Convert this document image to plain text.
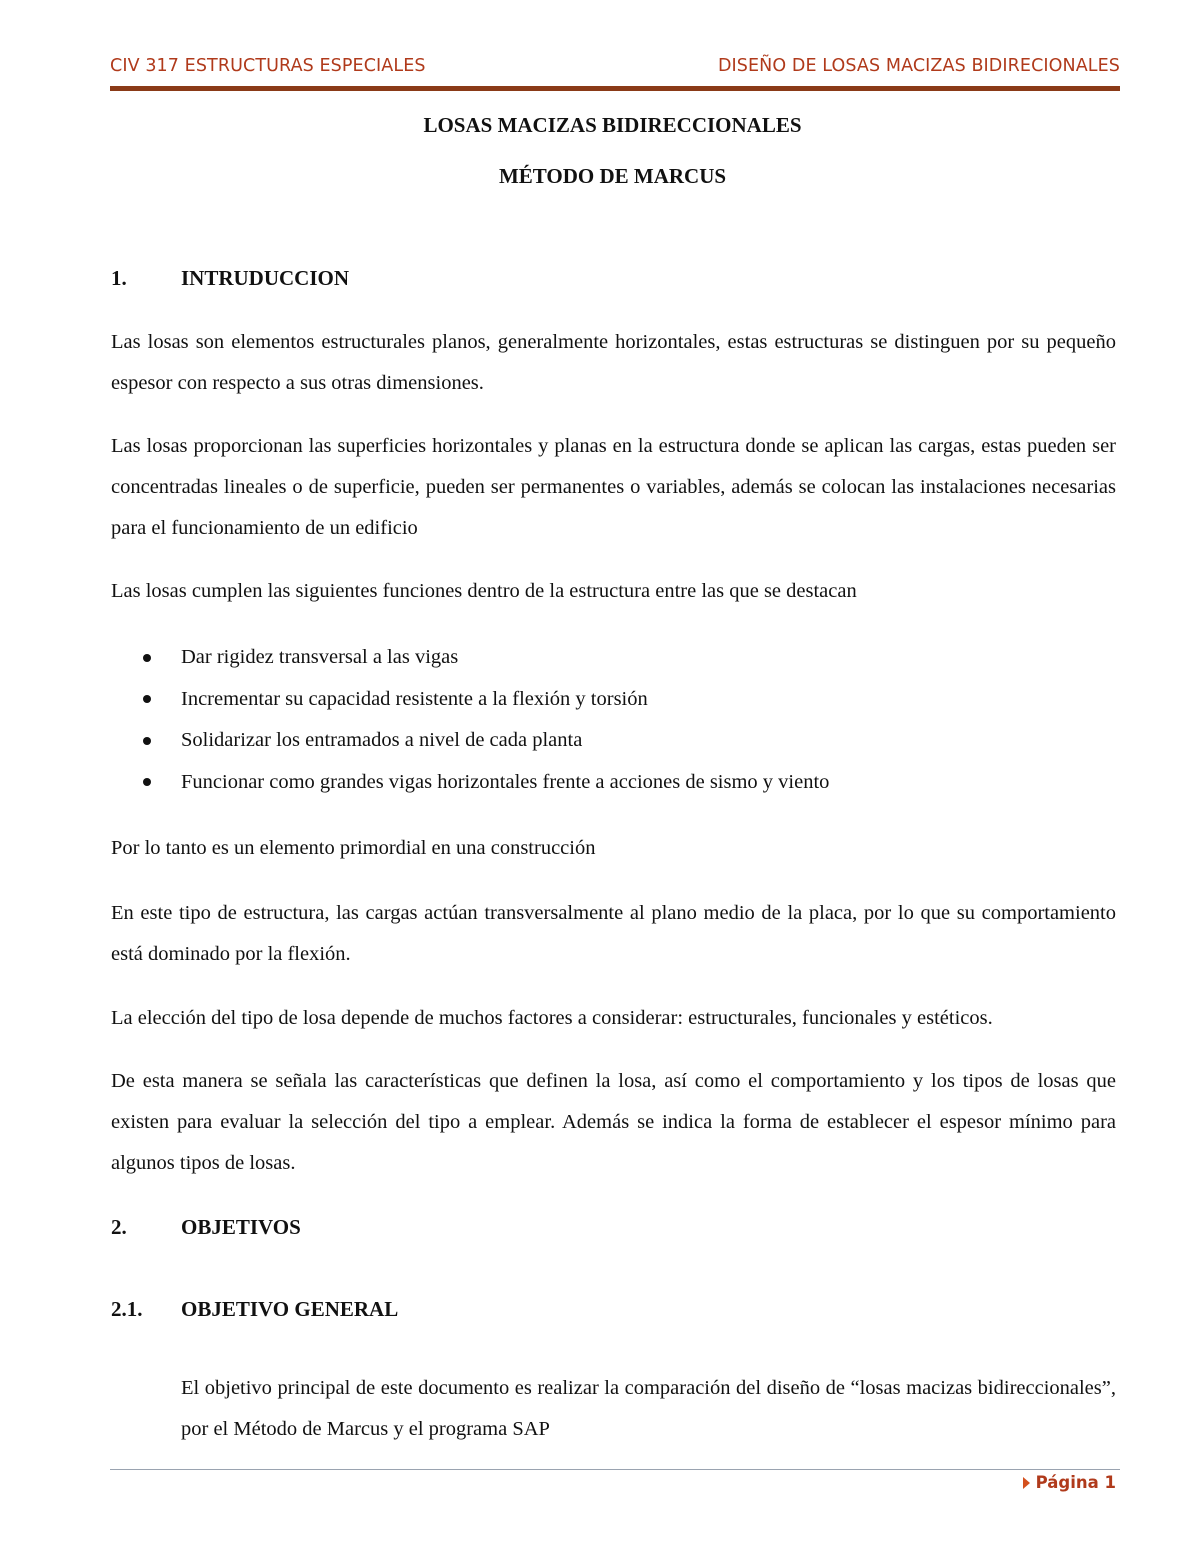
CIV 317 ESTRUCTURAS ESPECIALES	DISEÑO DE LOSAS MACIZAS BIDIRECIONALES
LOSAS MACIZAS BIDIRECCIONALES
MÉTODO DE MARCUS
1.	INTRUDUCCION
Las losas son elementos estructurales planos, generalmente horizontales, estas estructuras se distinguen por su pequeño espesor con respecto a sus otras dimensiones.
Las losas proporcionan las superficies horizontales y planas en la estructura donde se aplican las cargas, estas pueden ser concentradas lineales o de superficie, pueden ser permanentes o variables, además se colocan las instalaciones necesarias para el funcionamiento de un edificio
Las losas cumplen las siguientes funciones dentro de la estructura entre las que se destacan
Dar rigidez transversal a las vigas
Incrementar su capacidad resistente a la flexión y torsión
Solidarizar los entramados a nivel de cada planta
Funcionar como grandes vigas horizontales frente a acciones de sismo y viento
Por lo tanto es un elemento primordial en una construcción
En este tipo de estructura, las cargas actúan transversalmente al plano medio de la placa, por lo que su comportamiento está dominado por la flexión.
La elección del tipo de losa depende de muchos factores a considerar: estructurales, funcionales y estéticos.
De esta manera se señala las características que definen la losa, así como el comportamiento y los tipos de losas que existen para evaluar la selección del tipo a emplear. Además se indica la forma de establecer el espesor mínimo para algunos tipos de losas.
2.	OBJETIVOS
2.1.	OBJETIVO GENERAL
El objetivo principal de este documento es realizar la comparación del diseño de “losas macizas bidireccionales”, por el Método de Marcus y el programa SAP
Página 1
